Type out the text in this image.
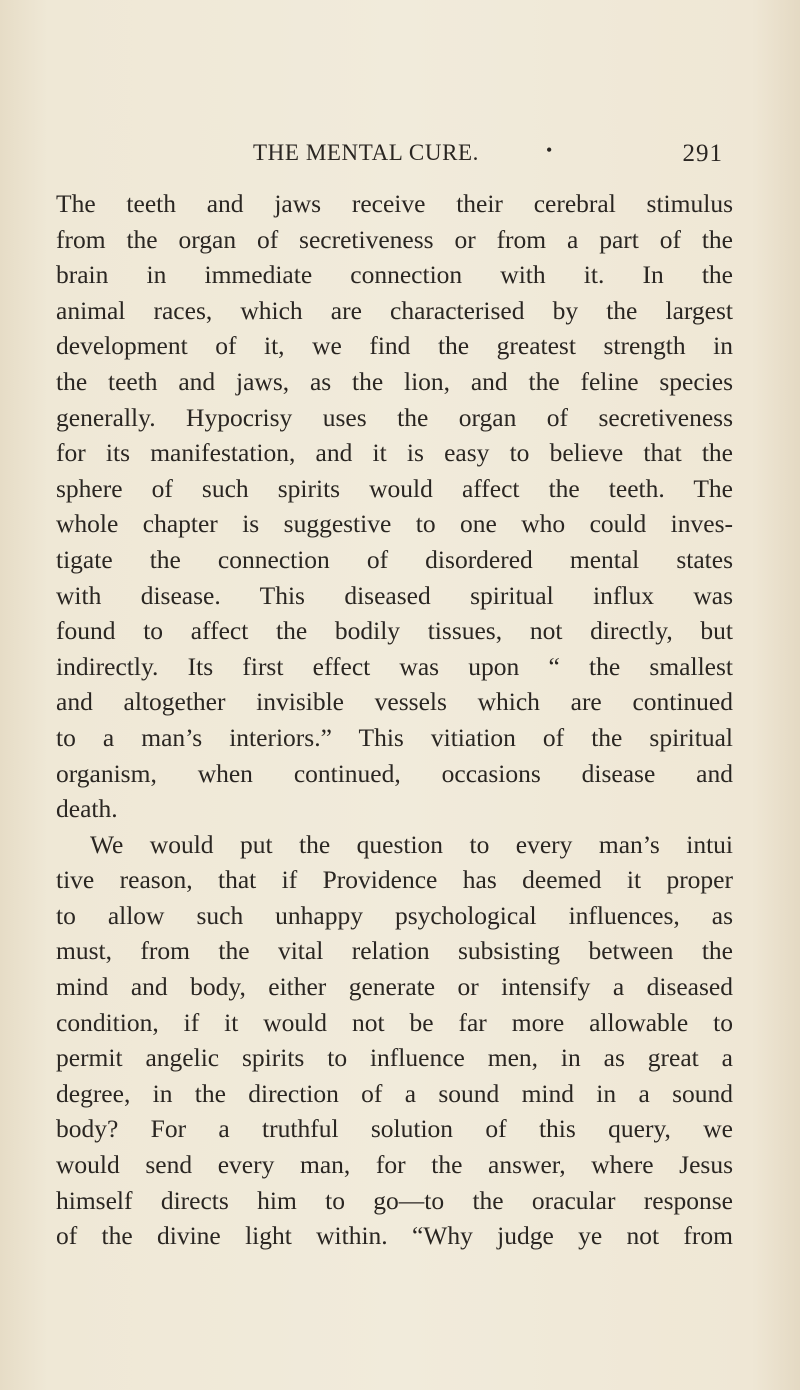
THE MENTAL CURE.	•	291

The teeth and jaws receive their cerebral stimulus
from the organ of secretiveness or from a part of the
brain in immediate connection with it. In the
animal races, which are characterised by the largest
development of it, we find the greatest strength in
the teeth and jaws, as the lion, and the feline species
generally. Hypocrisy uses the organ of secretiveness
for its manifestation, and it is easy to believe that the
sphere of such spirits would affect the teeth. The
whole chapter is suggestive to one who could inves-
tigate the connection of disordered mental states
with disease. This diseased spiritual influx was
found to affect the bodily tissues, not directly, but
indirectly. Its first effect was upon “ the smallest
and altogether invisible vessels which are continued
to a man’s interiors.” This vitiation of the spiritual
organism, when continued, occasions disease and
death.

We would put the question to every man’s intui
tive reason, that if Providence has deemed it proper
to allow such unhappy psychological influences, as
must, from the vital relation subsisting between the
mind and body, either generate or intensify a diseased
condition, if it would not be far more allowable to
permit angelic spirits to influence men, in as great a
degree, in the direction of a sound mind in a sound
body? For a truthful solution of this query, we
would send every man, for the answer, where Jesus
himself directs him to go—to the oracular response
of the divine light within. “Why judge ye not from
